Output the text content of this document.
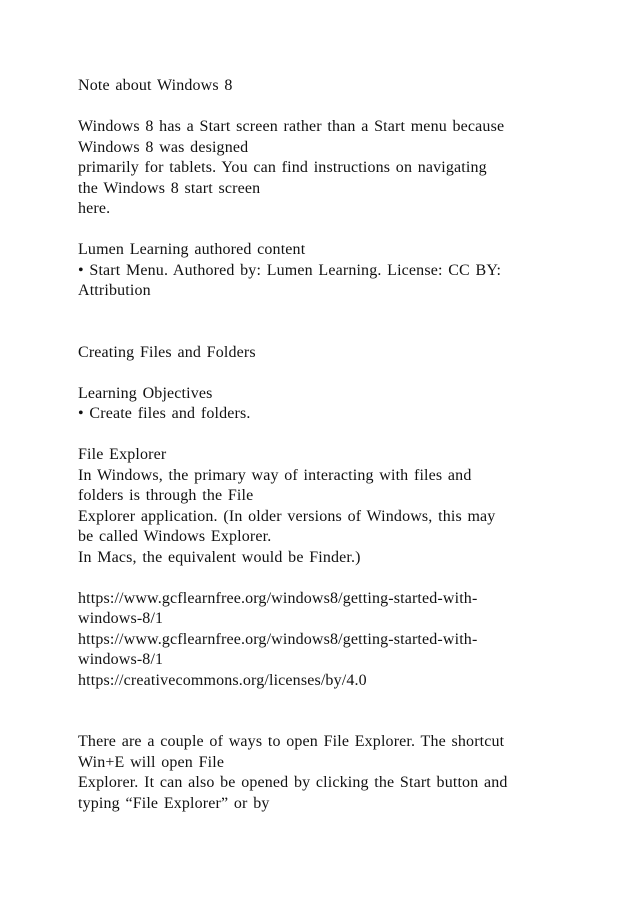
Note about Windows 8
Windows 8 has a Start screen rather than a Start menu because
Windows 8 was designed
primarily for tablets. You can find instructions on navigating
the Windows 8 start screen
here.
Lumen Learning authored content
• Start Menu. Authored by: Lumen Learning. License: CC BY:
Attribution
Creating Files and Folders
Learning Objectives
• Create files and folders.
File Explorer
In Windows, the primary way of interacting with files and
folders is through the File
Explorer application. (In older versions of Windows, this may
be called Windows Explorer.
In Macs, the equivalent would be Finder.)
https://www.gcflearnfree.org/windows8/getting-started-with-
windows-8/1
https://www.gcflearnfree.org/windows8/getting-started-with-
windows-8/1
https://creativecommons.org/licenses/by/4.0
There are a couple of ways to open File Explorer. The shortcut
Win+E will open File
Explorer. It can also be opened by clicking the Start button and
typing “File Explorer” or by
